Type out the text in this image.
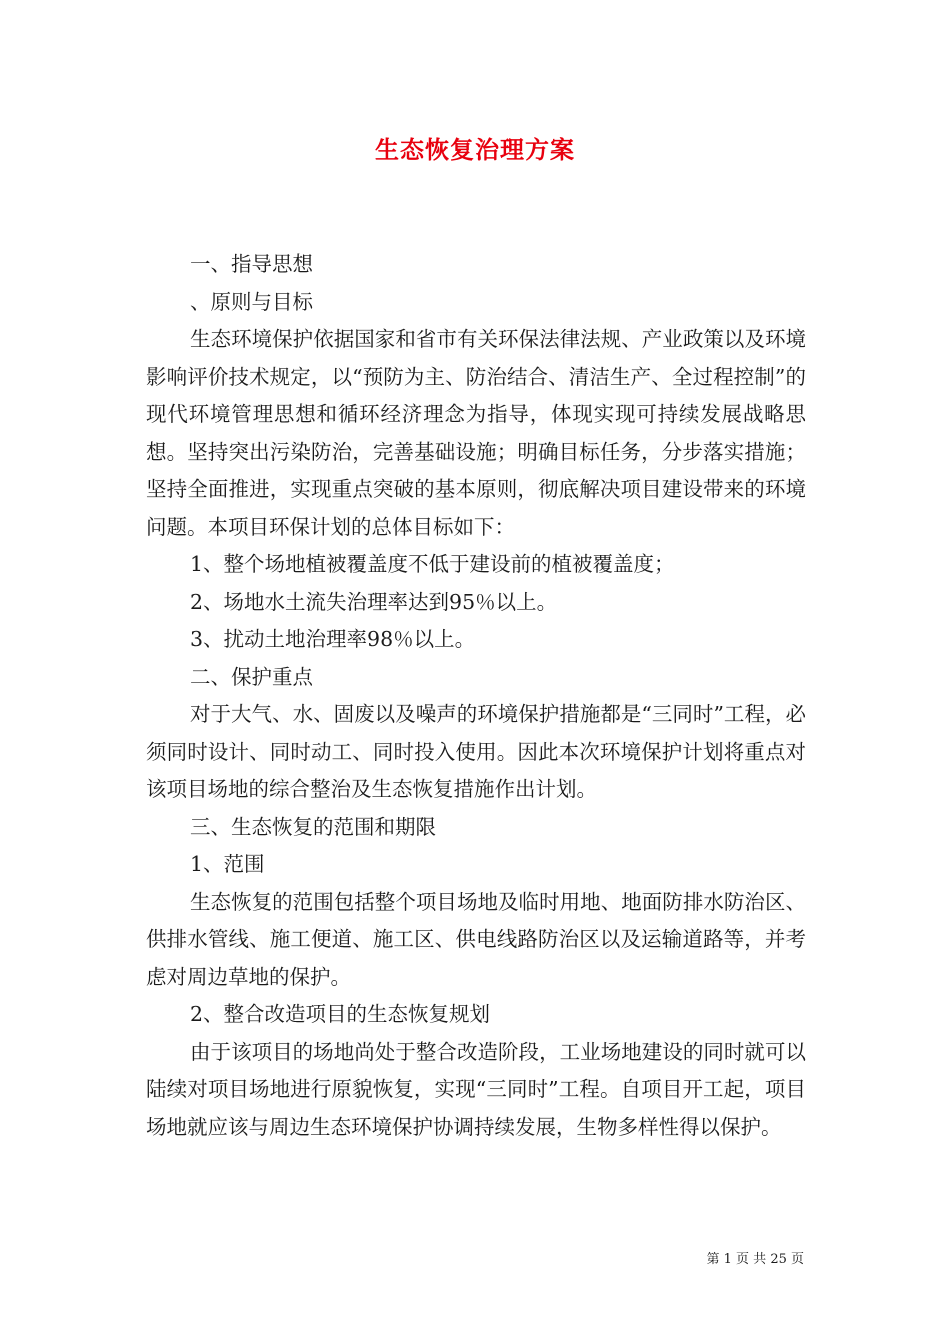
生态恢复治理方案

一、指导思想

、原则与目标

生态环境保护依据国家和省市有关环保法律法规、产业政策以及环境影响评价技术规定，以“预防为主、防治结合、清洁生产、全过程控制”的现代环境管理思想和循环经济理念为指导，体现实现可持续发展战略思想。坚持突出污染防治，完善基础设施；明确目标任务，分步落实措施；坚持全面推进，实现重点突破的基本原则，彻底解决项目建设带来的环境问题。本项目环保计划的总体目标如下：

1、整个场地植被覆盖度不低于建设前的植被覆盖度；

2、场地水土流失治理率达到95％以上。

3、扰动土地治理率98％以上。

二、保护重点

对于大气、水、固废以及噪声的环境保护措施都是“三同时”工程，必须同时设计、同时动工、同时投入使用。因此本次环境保护计划将重点对该项目场地的综合整治及生态恢复措施作出计划。

三、生态恢复的范围和期限

1、范围

生态恢复的范围包括整个项目场地及临时用地、地面防排水防治区、供排水管线、施工便道、施工区、供电线路防治区以及运输道路等，并考虑对周边草地的保护。

2、整合改造项目的生态恢复规划

由于该项目的场地尚处于整合改造阶段，工业场地建设的同时就可以陆续对项目场地进行原貌恢复，实现“三同时”工程。自项目开工起，项目场地就应该与周边生态环境保护协调持续发展，生物多样性得以保护。

第 1 页 共 25 页
